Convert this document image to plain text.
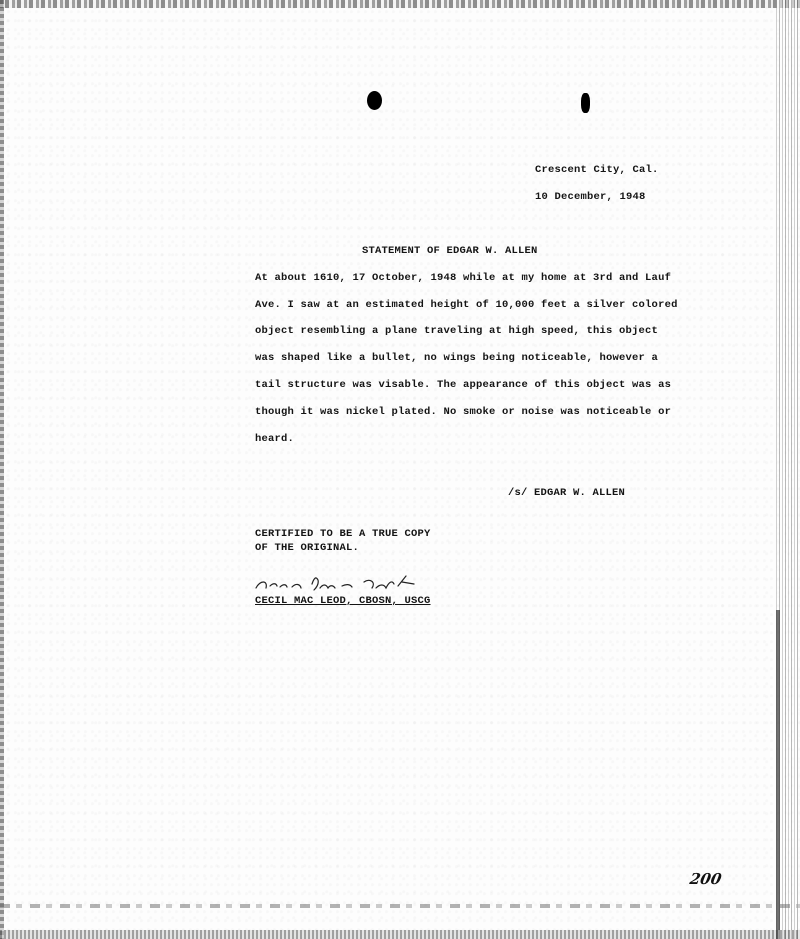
Crescent City, Cal.
10 December, 1948
STATEMENT OF EDGAR W. ALLEN
At about 1610, 17 October, 1948 while at my home at 3rd and Lauf
Ave. I saw at an estimated height of 10,000 feet a silver colored
object resembling a plane traveling at high speed, this object
was shaped like a bullet, no wings being noticeable, however a
tail structure was visable. The appearance of this object was as
though it was nickel plated. No smoke or noise was noticeable or
heard.
/s/ EDGAR W. ALLEN
CERTIFIED TO BE A TRUE COPY
OF THE ORIGINAL.
CECIL MAC LEOD, CBOSN, USCG
200
